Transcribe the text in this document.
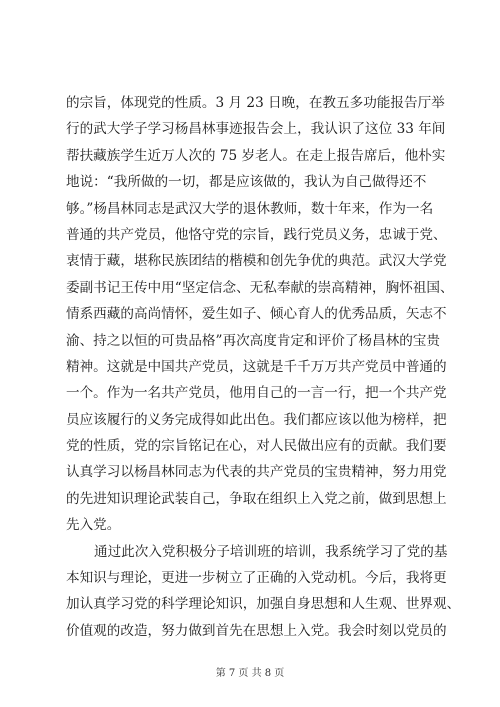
的宗旨，体现党的性质。3 月 23 日晚，在教五多功能报告厅举
行的武大学子学习杨昌林事迹报告会上，我认识了这位 33 年间
帮扶藏族学生近万人次的 75 岁老人。在走上报告席后，他朴实
地说：“我所做的一切，都是应该做的，我认为自己做得还不
够。”杨昌林同志是武汉大学的退休教师，数十年来，作为一名
普通的共产党员，他恪守党的宗旨，践行党员义务，忠诚于党、
衷情于藏，堪称民族团结的楷模和创先争优的典范。武汉大学党
委副书记王传中用“坚定信念、无私奉献的崇高精神，胸怀祖国、
情系西藏的高尚情怀，爱生如子、倾心育人的优秀品质，矢志不
渝、持之以恒的可贵品格”再次高度肯定和评价了杨昌林的宝贵
精神。这就是中国共产党员，这就是千千万万共产党员中普通的
一个。作为一名共产党员，他用自己的一言一行，把一个共产党
员应该履行的义务完成得如此出色。我们都应该以他为榜样，把
党的性质，党的宗旨铭记在心，对人民做出应有的贡献。我们要
认真学习以杨昌林同志为代表的共产党员的宝贵精神，努力用党
的先进知识理论武装自己，争取在组织上入党之前，做到思想上
先入党。
通过此次入党积极分子培训班的培训，我系统学习了党的基
本知识与理论，更进一步树立了正确的入党动机。今后，我将更
加认真学习党的科学理论知识，加强自身思想和人生观、世界观、
价值观的改造，努力做到首先在思想上入党。我会时刻以党员的
第 7 页 共 8 页
